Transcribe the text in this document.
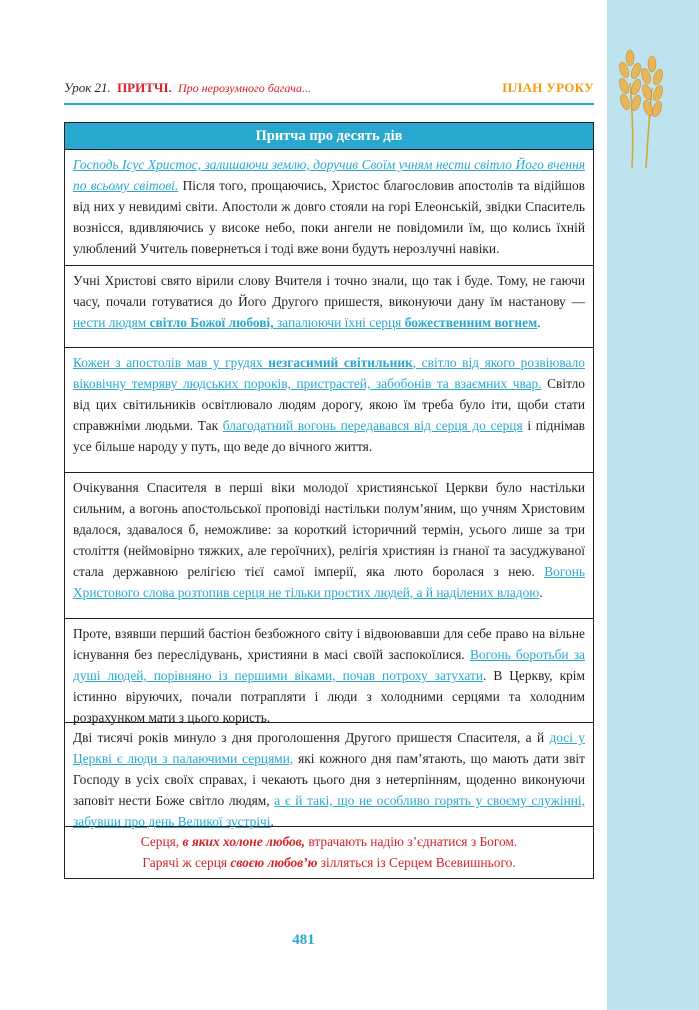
Урок 21. ПРИТЧІ. Про нерозумного багача...	ПЛАН УРОКУ
Притча про десять дів
Господь Ісус Христос, залишаючи землю, доручив Своїм учням нести світло Його вчення по всьому світові. Після того, прощаючись, Христос благословив апостолів та відійшов від них у невидимі світи. Апостоли ж довго стояли на горі Елеонській, звідки Спаситель вознісся, вдивляючись у високе небо, поки ангели не повідомили їм, що колись їхній улюблений Учитель повернеться і тоді вже вони будуть нерозлучні навіки.
Учні Христові свято вірили слову Вчителя і точно знали, що так і буде. Тому, не гаючи часу, почали готуватися до Його Другого пришестя, виконуючи дану їм настанову — нести людям світло Божої любові, запалюючи їхні серця божественним вогнем.
Кожен з апостолів мав у грудях незгасимий світильник, світло від якого розвіювало віковічну темряву людських пороків, пристрастей, забобонів та взаємних чвар. Світло від цих світильників освітлювало людям дорогу, якою їм треба було іти, щоби стати справжніми людьми. Так благодатний вогонь передавався від серця до серця і піднімав усе більше народу у путь, що веде до вічного життя.
Очікування Спасителя в перші віки молодої християнської Церкви було настільки сильним, а вогонь апостольської проповіді настільки полум’яним, що учням Христовим вдалося, здавалося б, неможливе: за короткий історичний термін, усього лише за три століття (неймовірно тяжких, але героїчних), релігія християн із гнаної та засуджуваної стала державною релігією тієї самої імперії, яка люто боролася з нею. Вогонь Христового слова розтопив серця не тільки простих людей, а й наділених владою.
Проте, взявши перший бастіон безбожного світу і відвоювавши для себе право на вільне існування без переслідувань, християни в масі своїй заспокоїлися. Вогонь боротьби за душі людей, порівняно із першими віками, почав потроху затухати. В Церкву, крім істинно віруючих, почали потрапляти і люди з холодними серцями та холодним розрахунком мати з цього користь.
Дві тисячі років минуло з дня проголошення Другого пришестя Спасителя, а й досі у Церкві є люди з палаючими серцями, які кожного дня пам’ятають, що мають дати звіт Господу в усіх своїх справах, і чекають цього дня з нетерпінням, щоденно виконуючи заповіт нести Боже світло людям, а є й такі, що не особливо горять у своєму служінні, забувши про день Великої зустрічі.
Серця, в яких холоне любов, втрачають надію з’єднатися з Богом.
Гарячі ж серця своєю любов’ю зілляться із Серцем Всевишнього.
481
